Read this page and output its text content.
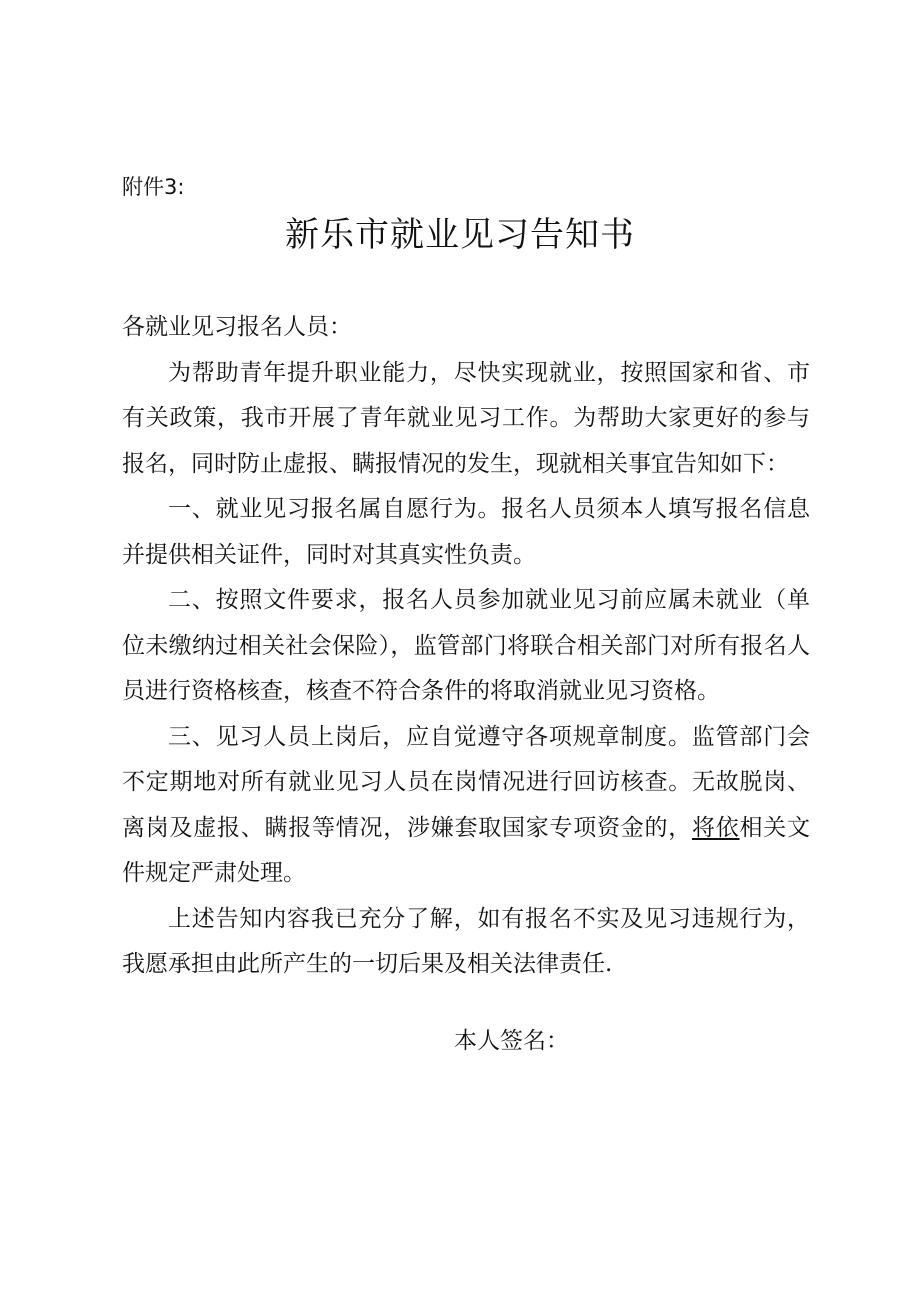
附件3:
新乐市就业见习告知书

各就业见习报名人员：

为帮助青年提升职业能力，尽快实现就业，按照国家和省、市有关政策，我市开展了青年就业见习工作。为帮助大家更好的参与报名，同时防止虚报、瞒报情况的发生，现就相关事宜告知如下：

一、就业见习报名属自愿行为。报名人员须本人填写报名信息并提供相关证件，同时对其真实性负责。

二、按照文件要求，报名人员参加就业见习前应属未就业（单位未缴纳过相关社会保险），监管部门将联合相关部门对所有报名人员进行资格核查，核查不符合条件的将取消就业见习资格。

三、见习人员上岗后，应自觉遵守各项规章制度。监管部门会不定期地对所有就业见习人员在岗情况进行回访核查。无故脱岗、离岗及虚报、瞒报等情况，涉嫌套取国家专项资金的，将依相关文件规定严肃处理。

上述告知内容我已充分了解，如有报名不实及见习违规行为，我愿承担由此所产生的一切后果及相关法律责任.

本人签名：
